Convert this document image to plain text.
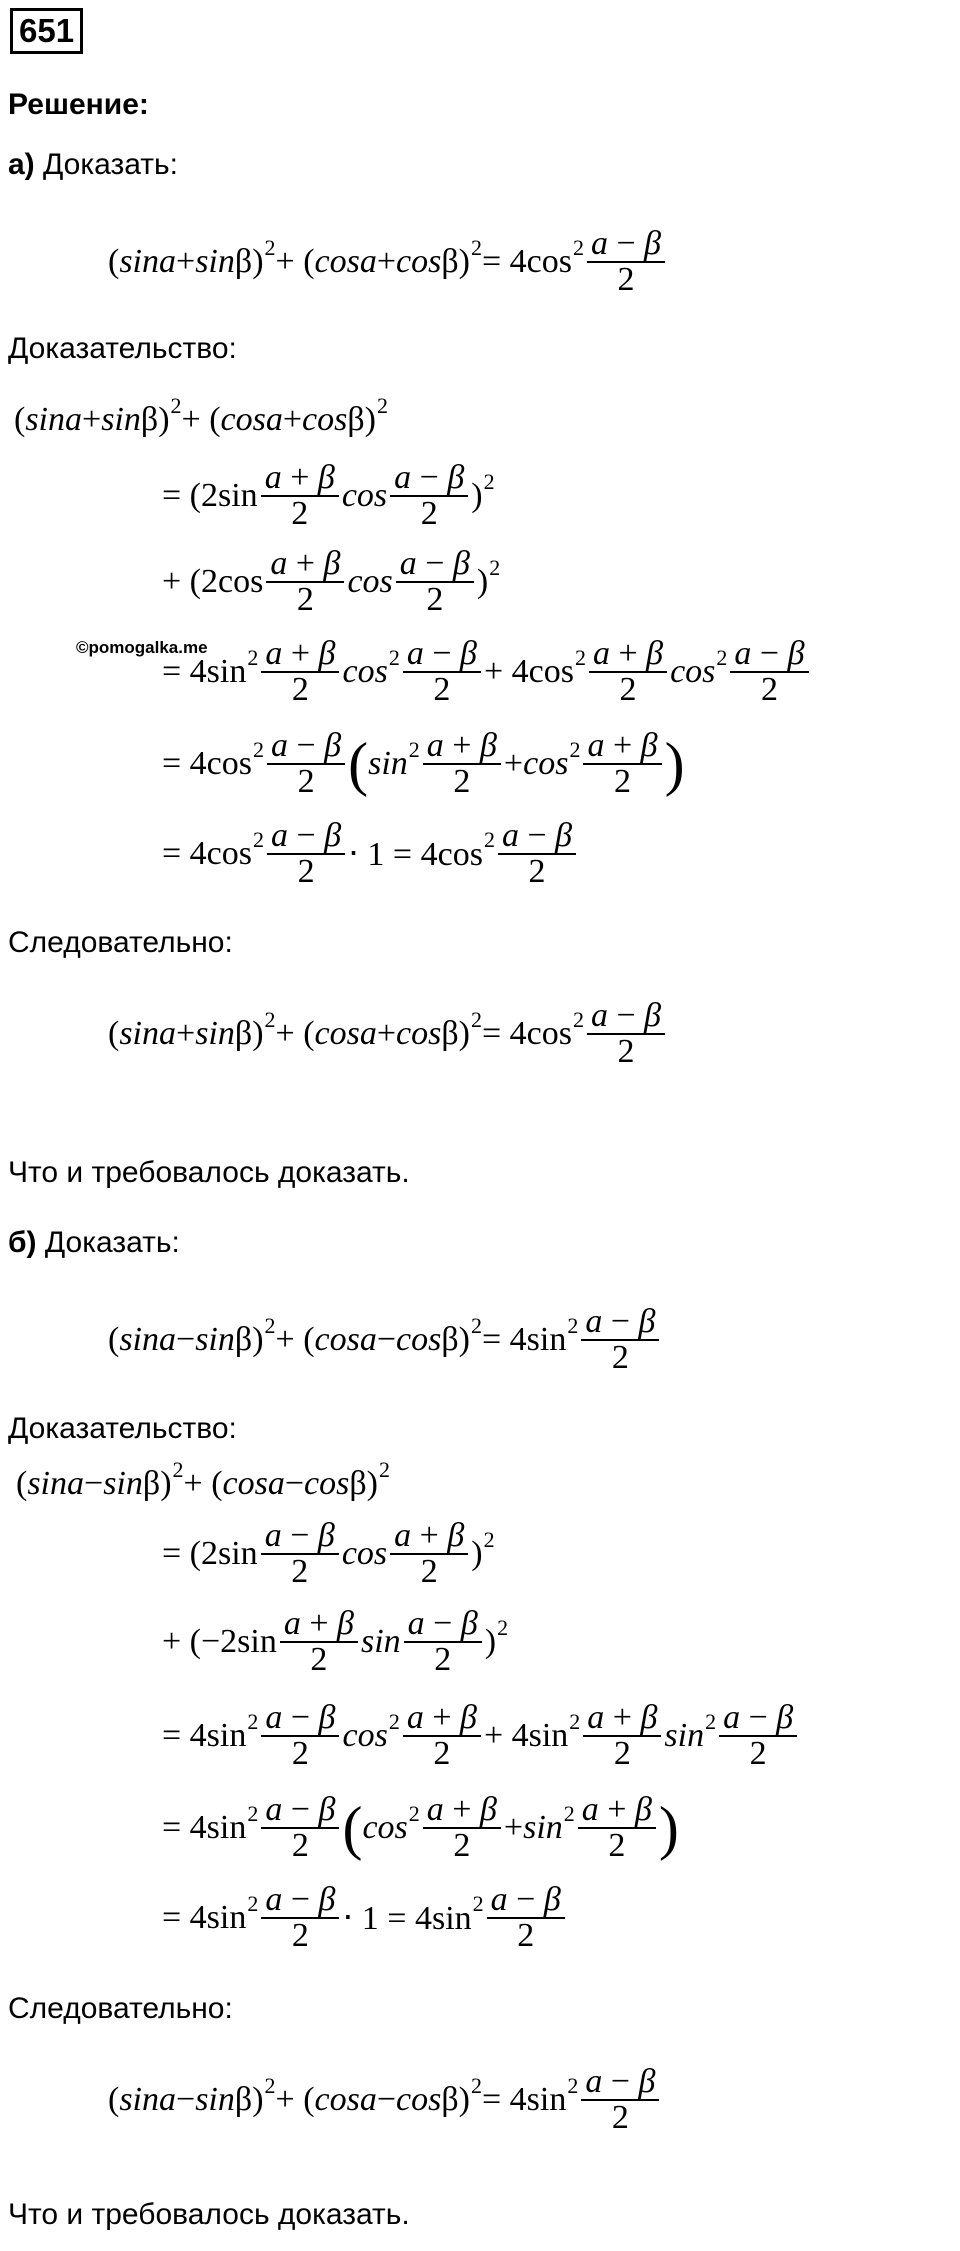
651
Решение:
а) Доказать:
( sina + sin β) 2 + ( cosa + cos β) 2 = 4cos $2 \frac{a - \beta}{2}$
Доказательство:
( sina + sin β) 2 + ( cosa + cos β) 2
= ($2\sin \frac{a + \beta}{2}$ $\cos \frac{a - \beta}{2}$ ) 2
+ ($2\cos \frac{a + \beta}{2}$ $\cos \frac{a - \beta}{2}$ ) 2
©pomogalka.me
= 4sin $2 \frac{a + \beta}{2}$ $\cos 2 \frac{a - \beta}{2} + 4\cos$ $2 \frac{a + \beta}{2}$ $\cos 2 \frac{a - \beta}{2}$
= 4cos $2 \frac{a - \beta}{2}$ ( $\sin 2 \frac{a + \beta}{2} + \cos 2 \frac{a + \beta}{2}$ )
= 4cos $2 \frac{a - \beta}{2} \cdot 1 = 4\cos$ $2 \frac{a - \beta}{2}$
Следовательно:
( sina + sin β) 2 + ( cosa + cos β) 2 = 4cos $2 \frac{a - \beta}{2}$
Что и требовалось доказать.
б) Доказать:
( sina − sin β) 2 + ( cosa − cos β) 2 = 4sin $2 \frac{a - \beta}{2}$
Доказательство:
( sina − sin β) 2 + ( cosa − cos β) 2
= ($2\sin \frac{a - \beta}{2}$ $\cos \frac{a + \beta}{2}$ ) 2
+ ($-2\sin \frac{a + \beta}{2}$ $\sin \frac{a - \beta}{2}$ ) 2
= 4sin $2 \frac{a - \beta}{2}$ $\cos 2 \frac{a + \beta}{2} + 4\sin$ $2 \frac{a + \beta}{2}$ $\sin 2 \frac{a - \beta}{2}$
= 4sin $2 \frac{a - \beta}{2}$ ( $\cos 2 \frac{a + \beta}{2} + \sin 2 \frac{a + \beta}{2}$ )
= 4sin $2 \frac{a - \beta}{2} \cdot 1 = 4\sin$ $2 \frac{a - \beta}{2}$
Следовательно:
( sina − sin β) 2 + ( cosa − cos β) 2 = 4sin $2 \frac{a - \beta}{2}$
Что и требовалось доказать.
